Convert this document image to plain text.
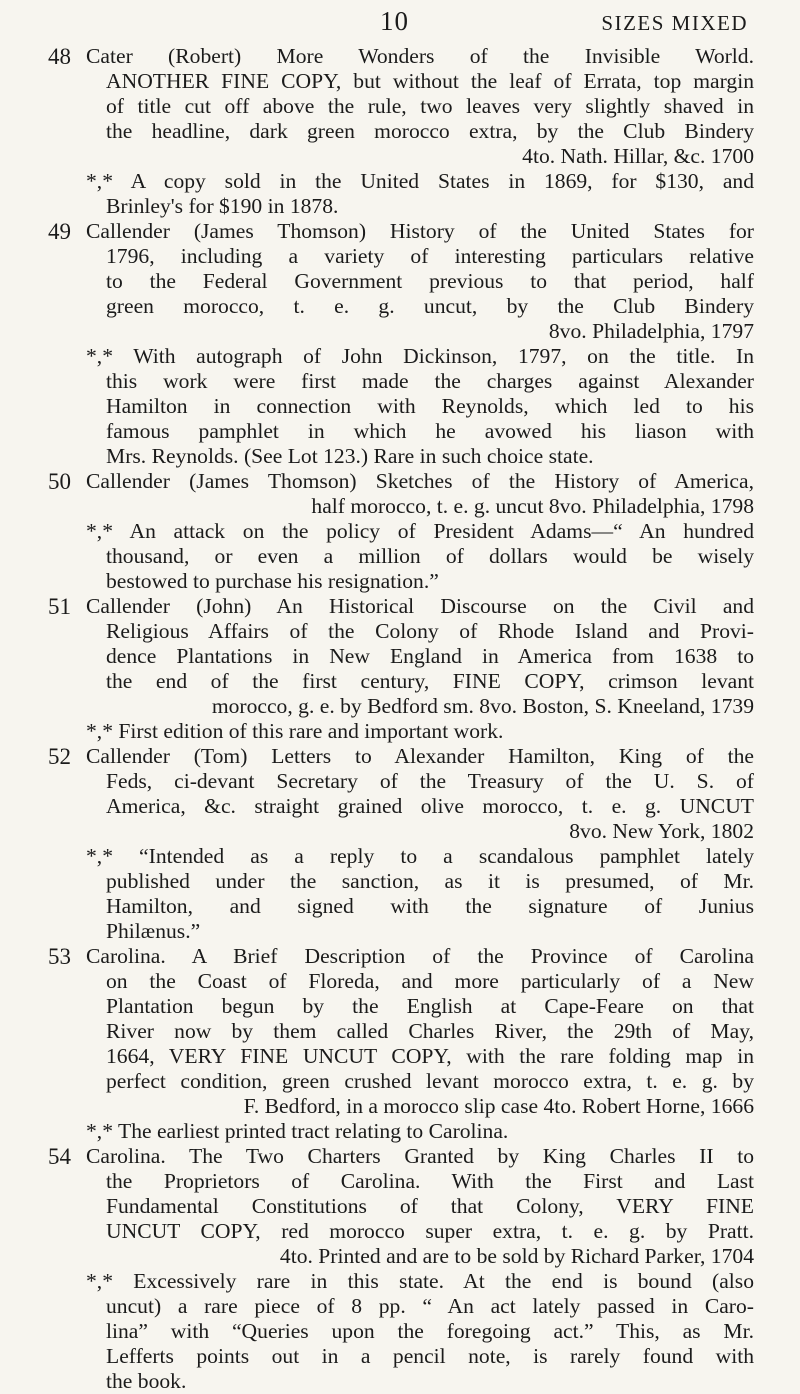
10	SIZES MIXED
48 Cater (Robert) More Wonders of the Invisible World.
ANOTHER FINE COPY, but without the leaf of Errata, top margin
of title cut off above the rule, two leaves very slightly shaved in
the headline, dark green morocco extra, by the Club Bindery
4to. Nath. Hillar, &c. 1700
*,* A copy sold in the United States in 1869, for $130, and
Brinley's for $190 in 1878.
49 Callender (James Thomson) History of the United States for
1796, including a variety of interesting particulars relative
to the Federal Government previous to that period, half
green morocco, t. e. g. uncut, by the Club Bindery
8vo. Philadelphia, 1797
*,* With autograph of John Dickinson, 1797, on the title. In
this work were first made the charges against Alexander
Hamilton in connection with Reynolds, which led to his
famous pamphlet in which he avowed his liason with
Mrs. Reynolds. (See Lot 123.) Rare in such choice state.
50 Callender (James Thomson) Sketches of the History of America,
half morocco, t. e. g. uncut 8vo. Philadelphia, 1798
*,* An attack on the policy of President Adams—“ An hundred
thousand, or even a million of dollars would be wisely
bestowed to purchase his resignation.”
51 Callender (John) An Historical Discourse on the Civil and
Religious Affairs of the Colony of Rhode Island and Provi-
dence Plantations in New England in America from 1638 to
the end of the first century, FINE COPY, crimson levant
morocco, g. e. by Bedford sm. 8vo. Boston, S. Kneeland, 1739
*,* First edition of this rare and important work.
52 Callender (Tom) Letters to Alexander Hamilton, King of the
Feds, ci-devant Secretary of the Treasury of the U. S. of
America, &c. straight grained olive morocco, t. e. g. UNCUT
8vo. New York, 1802
*,* “Intended as a reply to a scandalous pamphlet lately
published under the sanction, as it is presumed, of Mr.
Hamilton, and signed with the signature of Junius
Philænus.”
53 Carolina. A Brief Description of the Province of Carolina
on the Coast of Floreda, and more particularly of a New
Plantation begun by the English at Cape-Feare on that
River now by them called Charles River, the 29th of May,
1664, VERY FINE UNCUT COPY, with the rare folding map in
perfect condition, green crushed levant morocco extra, t. e. g. by
F. Bedford, in a morocco slip case 4to. Robert Horne, 1666
*,* The earliest printed tract relating to Carolina.
54 Carolina. The Two Charters Granted by King Charles II to
the Proprietors of Carolina. With the First and Last
Fundamental Constitutions of that Colony, VERY FINE
UNCUT COPY, red morocco super extra, t. e. g. by Pratt.
4to. Printed and are to be sold by Richard Parker, 1704
*,* Excessively rare in this state. At the end is bound (also
uncut) a rare piece of 8 pp. “ An act lately passed in Caro-
lina” with “Queries upon the foregoing act.” This, as Mr.
Lefferts points out in a pencil note, is rarely found with
the book.
